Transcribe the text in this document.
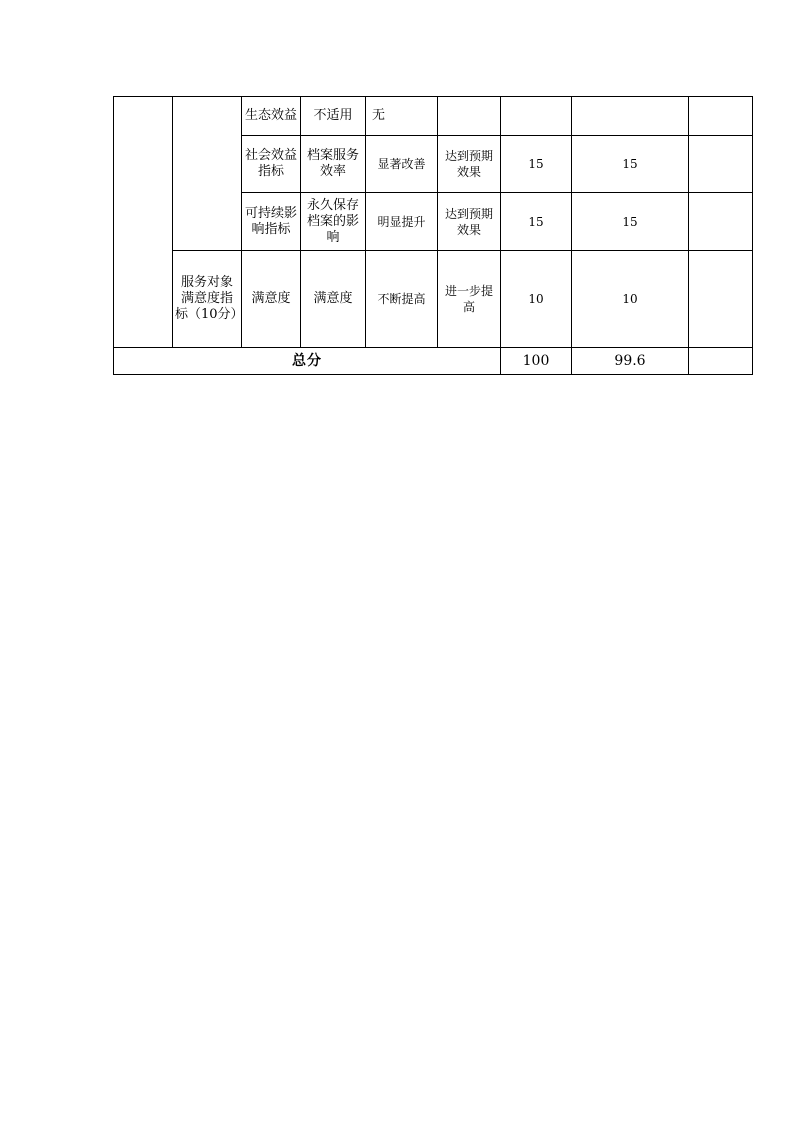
		生态效益	不适用	无				
		社会效益指标	档案服务效率	显著改善	达到预期效果	15	15	
		可持续影响指标	永久保存档案的影响	明显提升	达到预期效果	15	15	
	服务对象满意度指标（10分）	满意度	满意度	不断提高	进一步提高	10	10	
总分						100	99.6	
